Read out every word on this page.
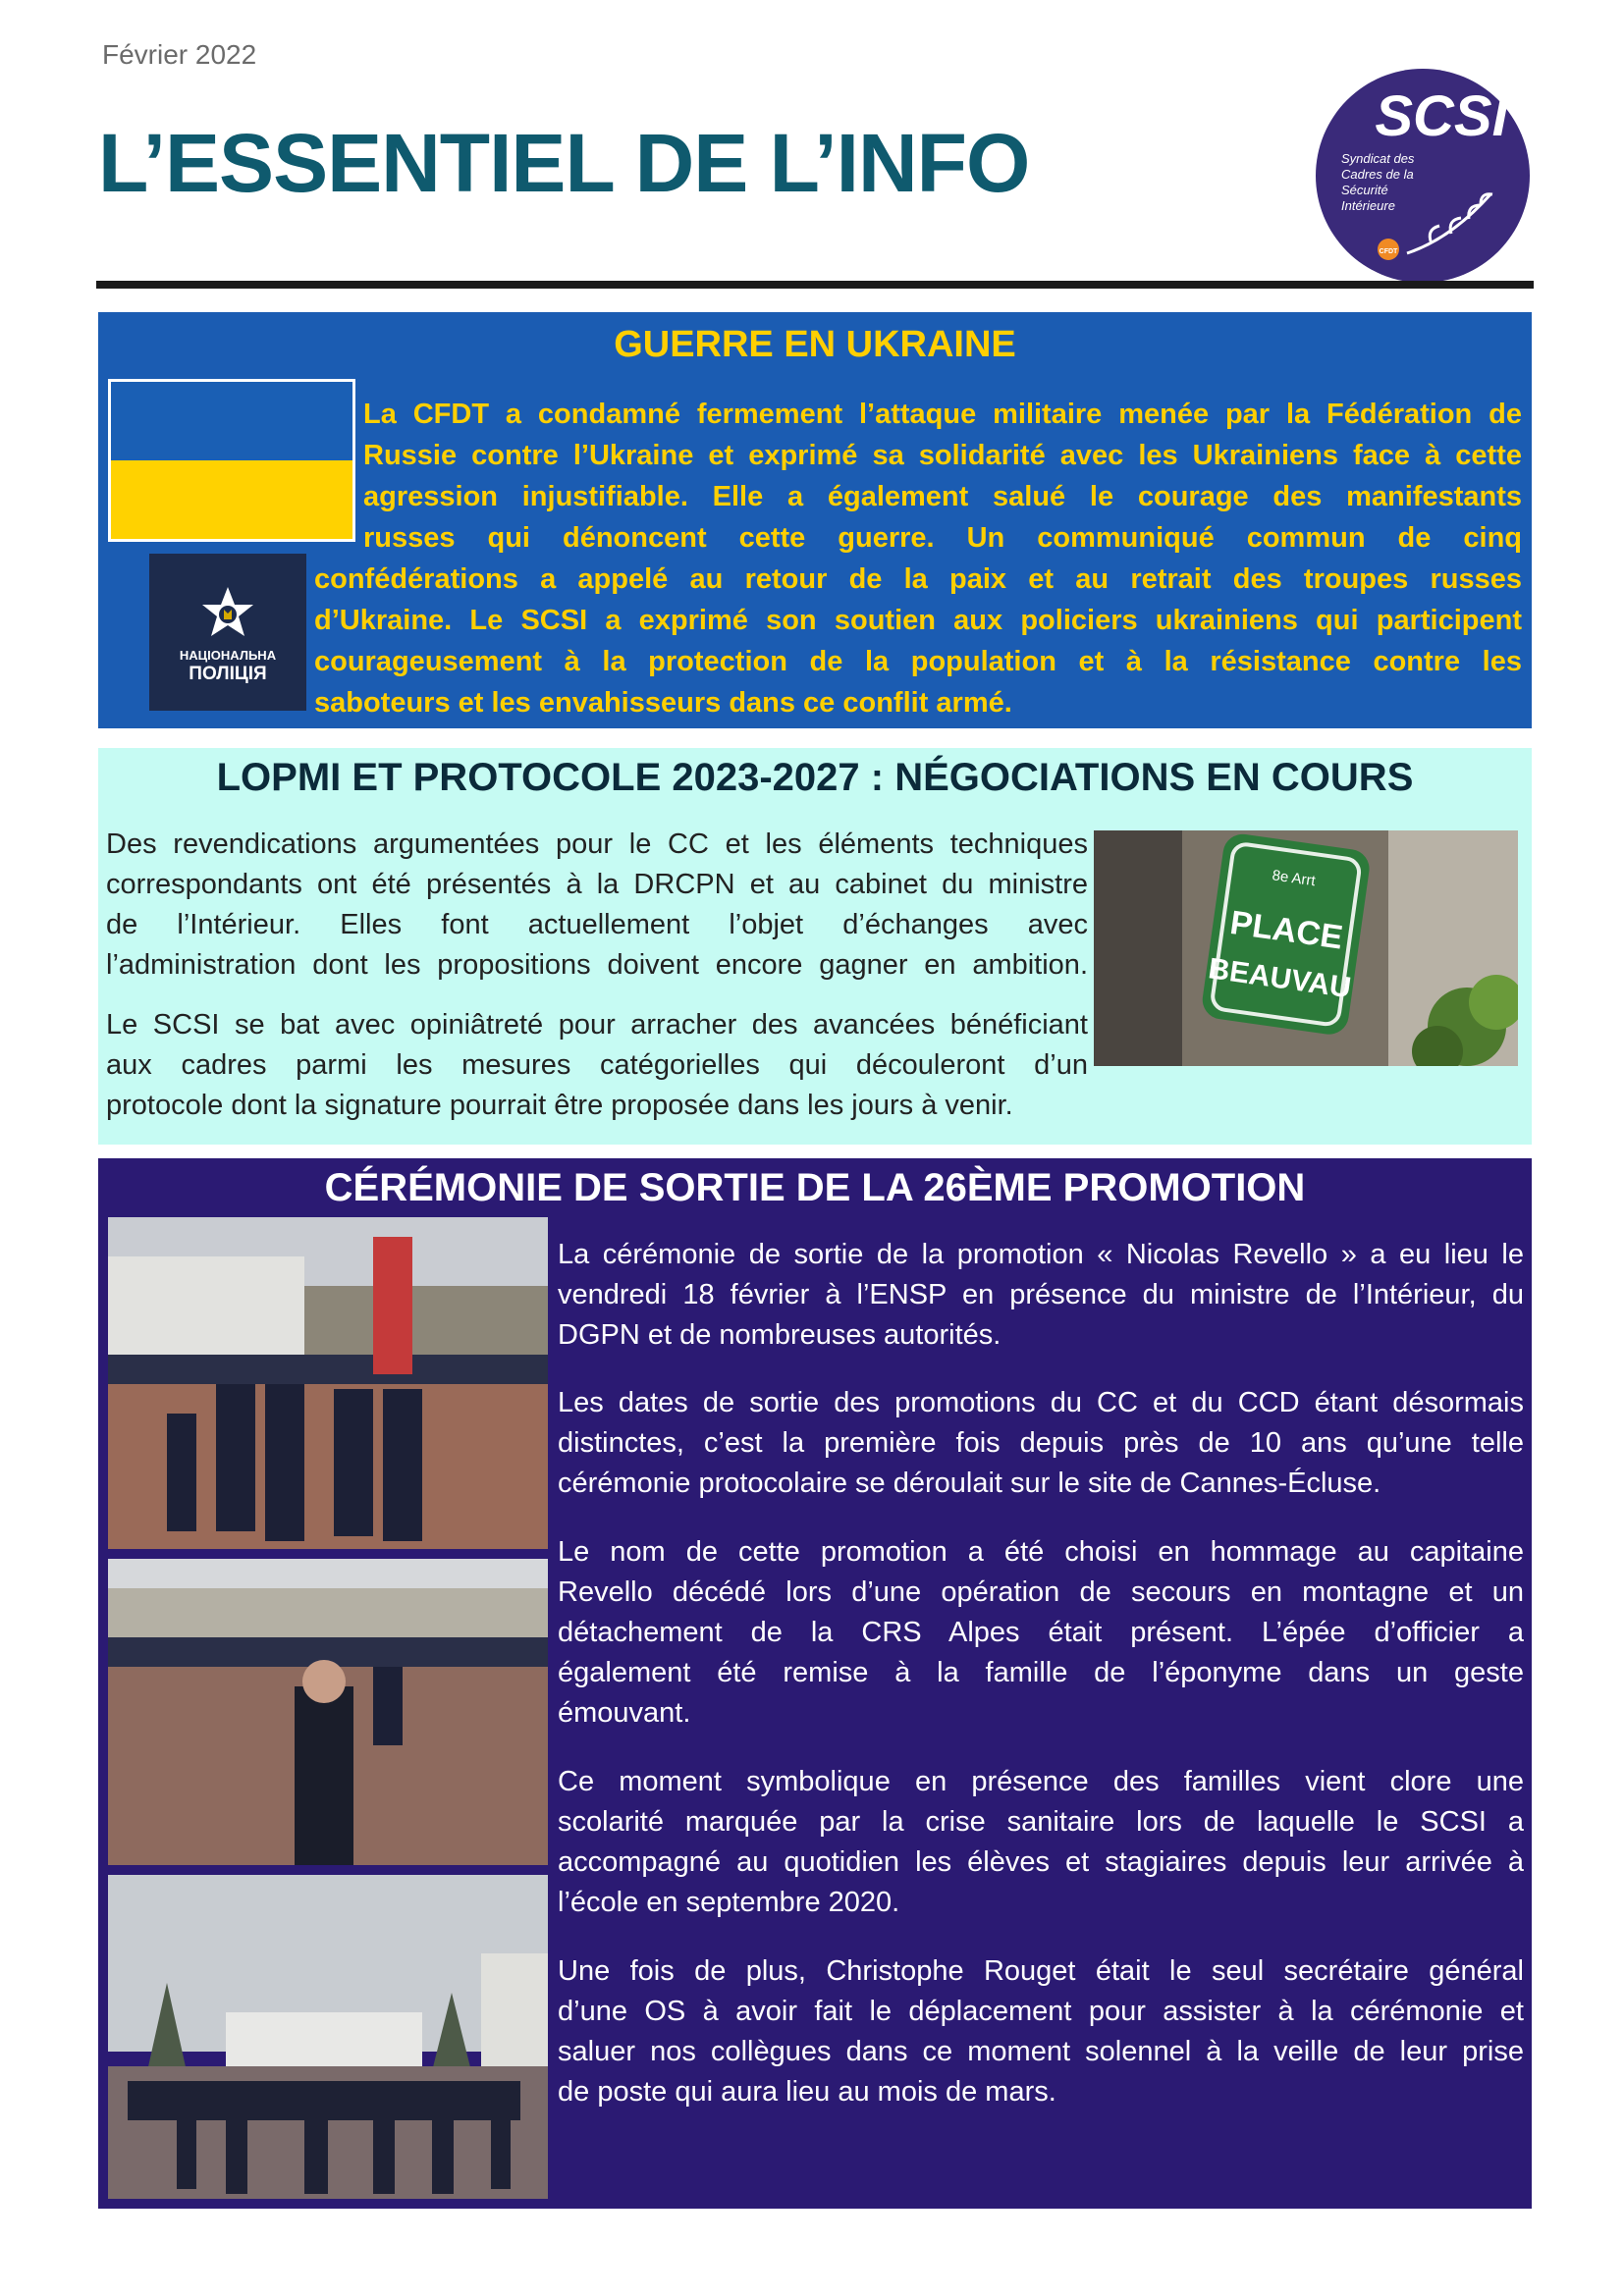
Février 2022
L’ESSENTIEL DE L’INFO
SCSI
Syndicat des
Cadres de la
Sécurité
Intérieure
CFDT
GUERRE EN UKRAINE
НАЦІОНАЛЬНА
ПОЛІЦІЯ
La CFDT a condamné fermement l’attaque militaire menée par la Fédération de
Russie contre l’Ukraine et exprimé sa solidarité avec les Ukrainiens face à cette
agression injustifiable. Elle a également salué le courage des manifestants
russes qui dénoncent cette guerre. Un communiqué commun de cinq
confédérations a appelé au retour de la paix et au retrait des troupes russes
d’Ukraine. Le SCSI a exprimé son soutien aux policiers ukrainiens qui participent
courageusement à la protection de la population et à la résistance contre les
saboteurs et les envahisseurs dans ce conflit armé.
LOPMI ET PROTOCOLE 2023-2027 : NÉGOCIATIONS EN COURS
Des revendications argumentées pour le CC et les éléments techniques
correspondants ont été présentés à la DRCPN et au cabinet du ministre
de l’Intérieur. Elles font actuellement l’objet d’échanges avec
l’administration dont les propositions doivent encore gagner en ambition.
Le SCSI se bat avec opiniâtreté pour arracher des avancées bénéficiant
aux cadres parmi les mesures catégorielles qui découleront d’un
protocole dont la signature pourrait être proposée dans les jours à venir.
8e Arrt
PLACE
BEAUVAU
CÉRÉMONIE DE SORTIE DE LA 26ÈME PROMOTION
La cérémonie de sortie de la promotion « Nicolas Revello » a eu lieu le
vendredi 18 février à l’ENSP en présence du ministre de l’Intérieur, du
DGPN et de nombreuses autorités.
Les dates de sortie des promotions du CC et du CCD étant désormais
distinctes, c’est la première fois depuis près de 10 ans qu’une telle
cérémonie protocolaire se déroulait sur le site de Cannes-Écluse.
Le nom de cette promotion a été choisi en hommage au capitaine
Revello décédé lors d’une opération de secours en montagne et un
détachement de la CRS Alpes était présent. L’épée d’officier a
également été remise à la famille de l’éponyme dans un geste
émouvant.
Ce moment symbolique en présence des familles vient clore une
scolarité marquée par la crise sanitaire lors de laquelle le SCSI a
accompagné au quotidien les élèves et stagiaires depuis leur arrivée à
l’école en septembre 2020.
Une fois de plus, Christophe Rouget était le seul secrétaire général
d’une OS à avoir fait le déplacement pour assister à la cérémonie et
saluer nos collègues dans ce moment solennel à la veille de leur prise
de poste qui aura lieu au mois de mars.
